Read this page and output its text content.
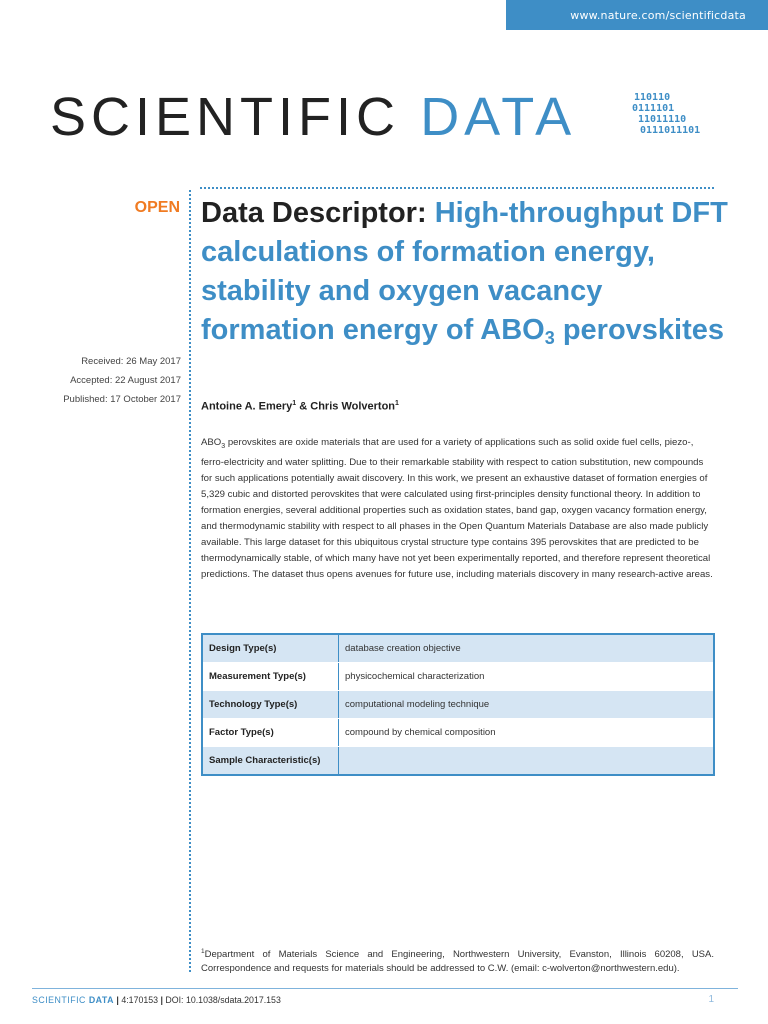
www.nature.com/scientificdata
SCIENTIFIC DATA	110110
0111101
11011110
0111011101
OPEN
Received: 26 May 2017
Accepted: 22 August 2017
Published: 17 October 2017
Data Descriptor: High-throughput DFT calculations of formation energy, stability and oxygen vacancy formation energy of $ABO_3$ perovskites
Antoine A. Emery$^1$ & Chris Wolverton$^1$
$ABO_3$ perovskites are oxide materials that are used for a variety of applications such as solid oxide fuel cells, piezo-, ferro-electricity and water splitting. Due to their remarkable stability with respect to cation substitution, new compounds for such applications potentially await discovery. In this work, we present an exhaustive dataset of formation energies of 5,329 cubic and distorted perovskites that were calculated using first-principles density functional theory. In addition to formation energies, several additional properties such as oxidation states, band gap, oxygen vacancy formation energy, and thermodynamic stability with respect to all phases in the Open Quantum Materials Database are also made publicly available. This large dataset for this ubiquitous crystal structure type contains 395 perovskites that are predicted to be thermodynamically stable, of which many have not yet been experimentally reported, and therefore represent theoretical predictions. The dataset thus opens avenues for future use, including materials discovery in many research-active areas.
Design Type(s)	database creation objective
Measurement Type(s)	physicochemical characterization
Technology Type(s)	computational modeling technique
Factor Type(s)	compound by chemical composition
Sample Characteristic(s)	
$^1$Department of Materials Science and Engineering, Northwestern University, Evanston, Illinois 60208, USA. Correspondence and requests for materials should be addressed to C.W. (email: c-wolverton@northwestern.edu).
SCIENTIFIC DATA | 4:170153 | DOI: 10.1038/sdata.2017.153	1
